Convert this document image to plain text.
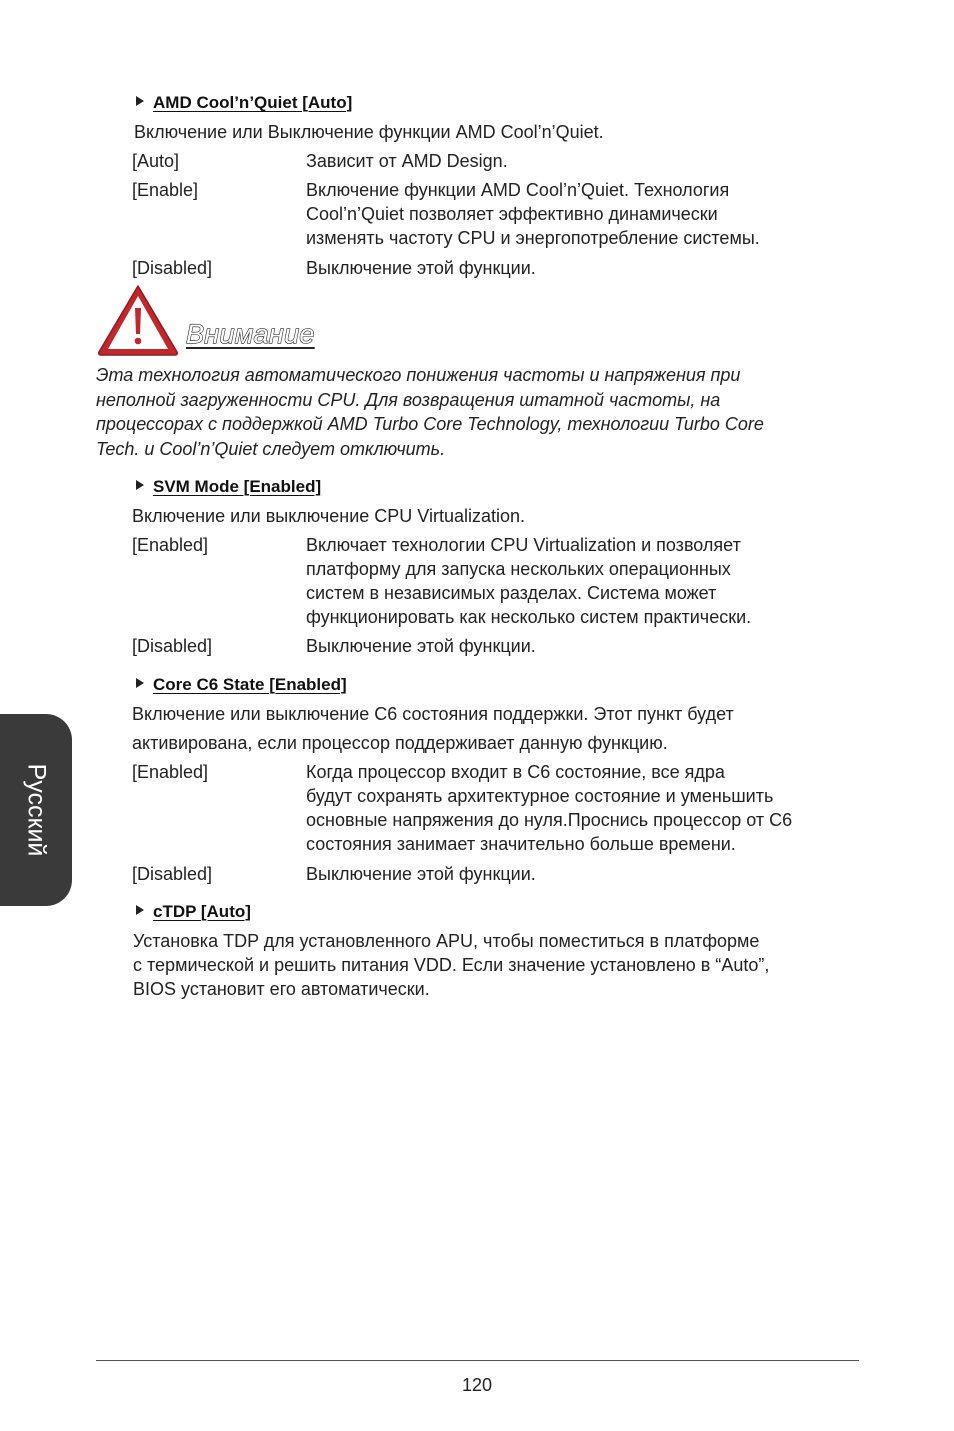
AMD Cool’n’Quiet [Auto]
Включение или Выключение функции AMD Cool’n’Quiet.
[Auto]	Зависит от AMD Design.
[Enable]	Включение функции AMD Cool’n’Quiet. Технология
Cool’n’Quiet позволяет эффективно динамически
изменять частоту CPU и энергопотребление системы.
[Disabled]	Выключение этой функции.
Внимание
Эта технология автоматического понижения частоты и напряжения при
неполной загруженности CPU. Для возвращения штатной частоты, на
процессорах с поддержкой AMD Turbo Core Technology, технологии Turbo Core
Tech. и Cool’n’Quiet следует отключить.
SVM Mode [Enabled]
Включение или выключение CPU Virtualization.
[Enabled]	Включает технологии CPU Virtualization и позволяет
платформу для запуска нескольких операционных
систем в независимых разделах. Система может
функционировать как несколько систем практически.
[Disabled]	Выключение этой функции.
Core C6 State [Enabled]
Включение или выключение C6 состояния поддержки. Этот пункт будет
активирована, если процессор поддерживает данную функцию.
[Enabled]	Когда процессор входит в C6 состояние, все ядра
будут сохранять архитектурное состояние и уменьшить
основные напряжения до нуля.Проснись процессор от C6
состояния занимает значительно больше времени.
[Disabled]	Выключение этой функции.
cTDP [Auto]
Установка TDP для установленного APU, чтобы поместиться в платформе
с термической и решить питания VDD. Если значение установлено в “Auto”,
BIOS установит его автоматически.
Русский
120
